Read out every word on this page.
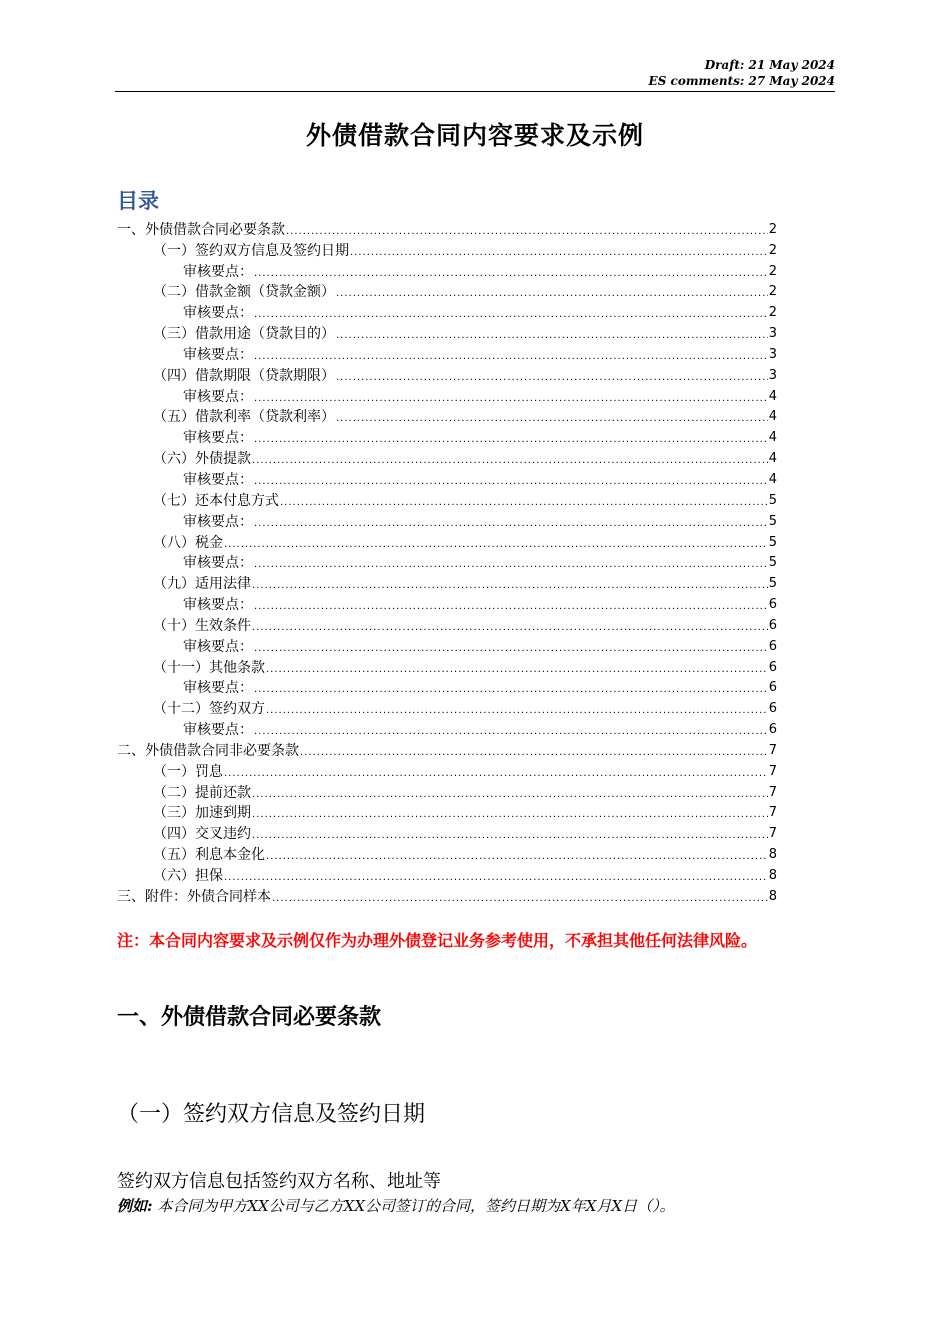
Draft: 21 May 2024
ES comments: 27 May 2024
外债借款合同内容要求及示例
目录
一、外债借款合同必要条款 .....	2
（一）签约双方信息及签约日期 .....	2
审核要点： .....	2
（二）借款金额（贷款金额） .....	2
审核要点： .....	2
（三）借款用途（贷款目的） .....	3
审核要点： .....	3
（四）借款期限（贷款期限） .....	3
审核要点： .....	4
（五）借款利率（贷款利率） .....	4
审核要点： .....	4
（六）外债提款 .....	4
审核要点： .....	4
（七）还本付息方式 .....	5
审核要点： .....	5
（八）税金 .....	5
审核要点： .....	5
（九）适用法律 .....	5
审核要点： .....	6
（十）生效条件 .....	6
审核要点： .....	6
（十一）其他条款 .....	6
审核要点： .....	6
（十二）签约双方 .....	6
审核要点： .....	6
二、外债借款合同非必要条款 .....	7
（一）罚息 .....	7
（二）提前还款 .....	7
（三）加速到期 .....	7
（四）交叉违约 .....	7
（五）利息本金化 .....	8
（六）担保 .....	8
三、附件：外债合同样本 .....	8
注：本合同内容要求及示例仅作为办理外债登记业务参考使用，不承担其他任何法律风险。
一、外债借款合同必要条款
（一）签约双方信息及签约日期
签约双方信息包括签约双方名称、地址等
例如: 本合同为甲方XX公司与乙方XX公司签订的合同，签约日期为X年X月X日（）。
